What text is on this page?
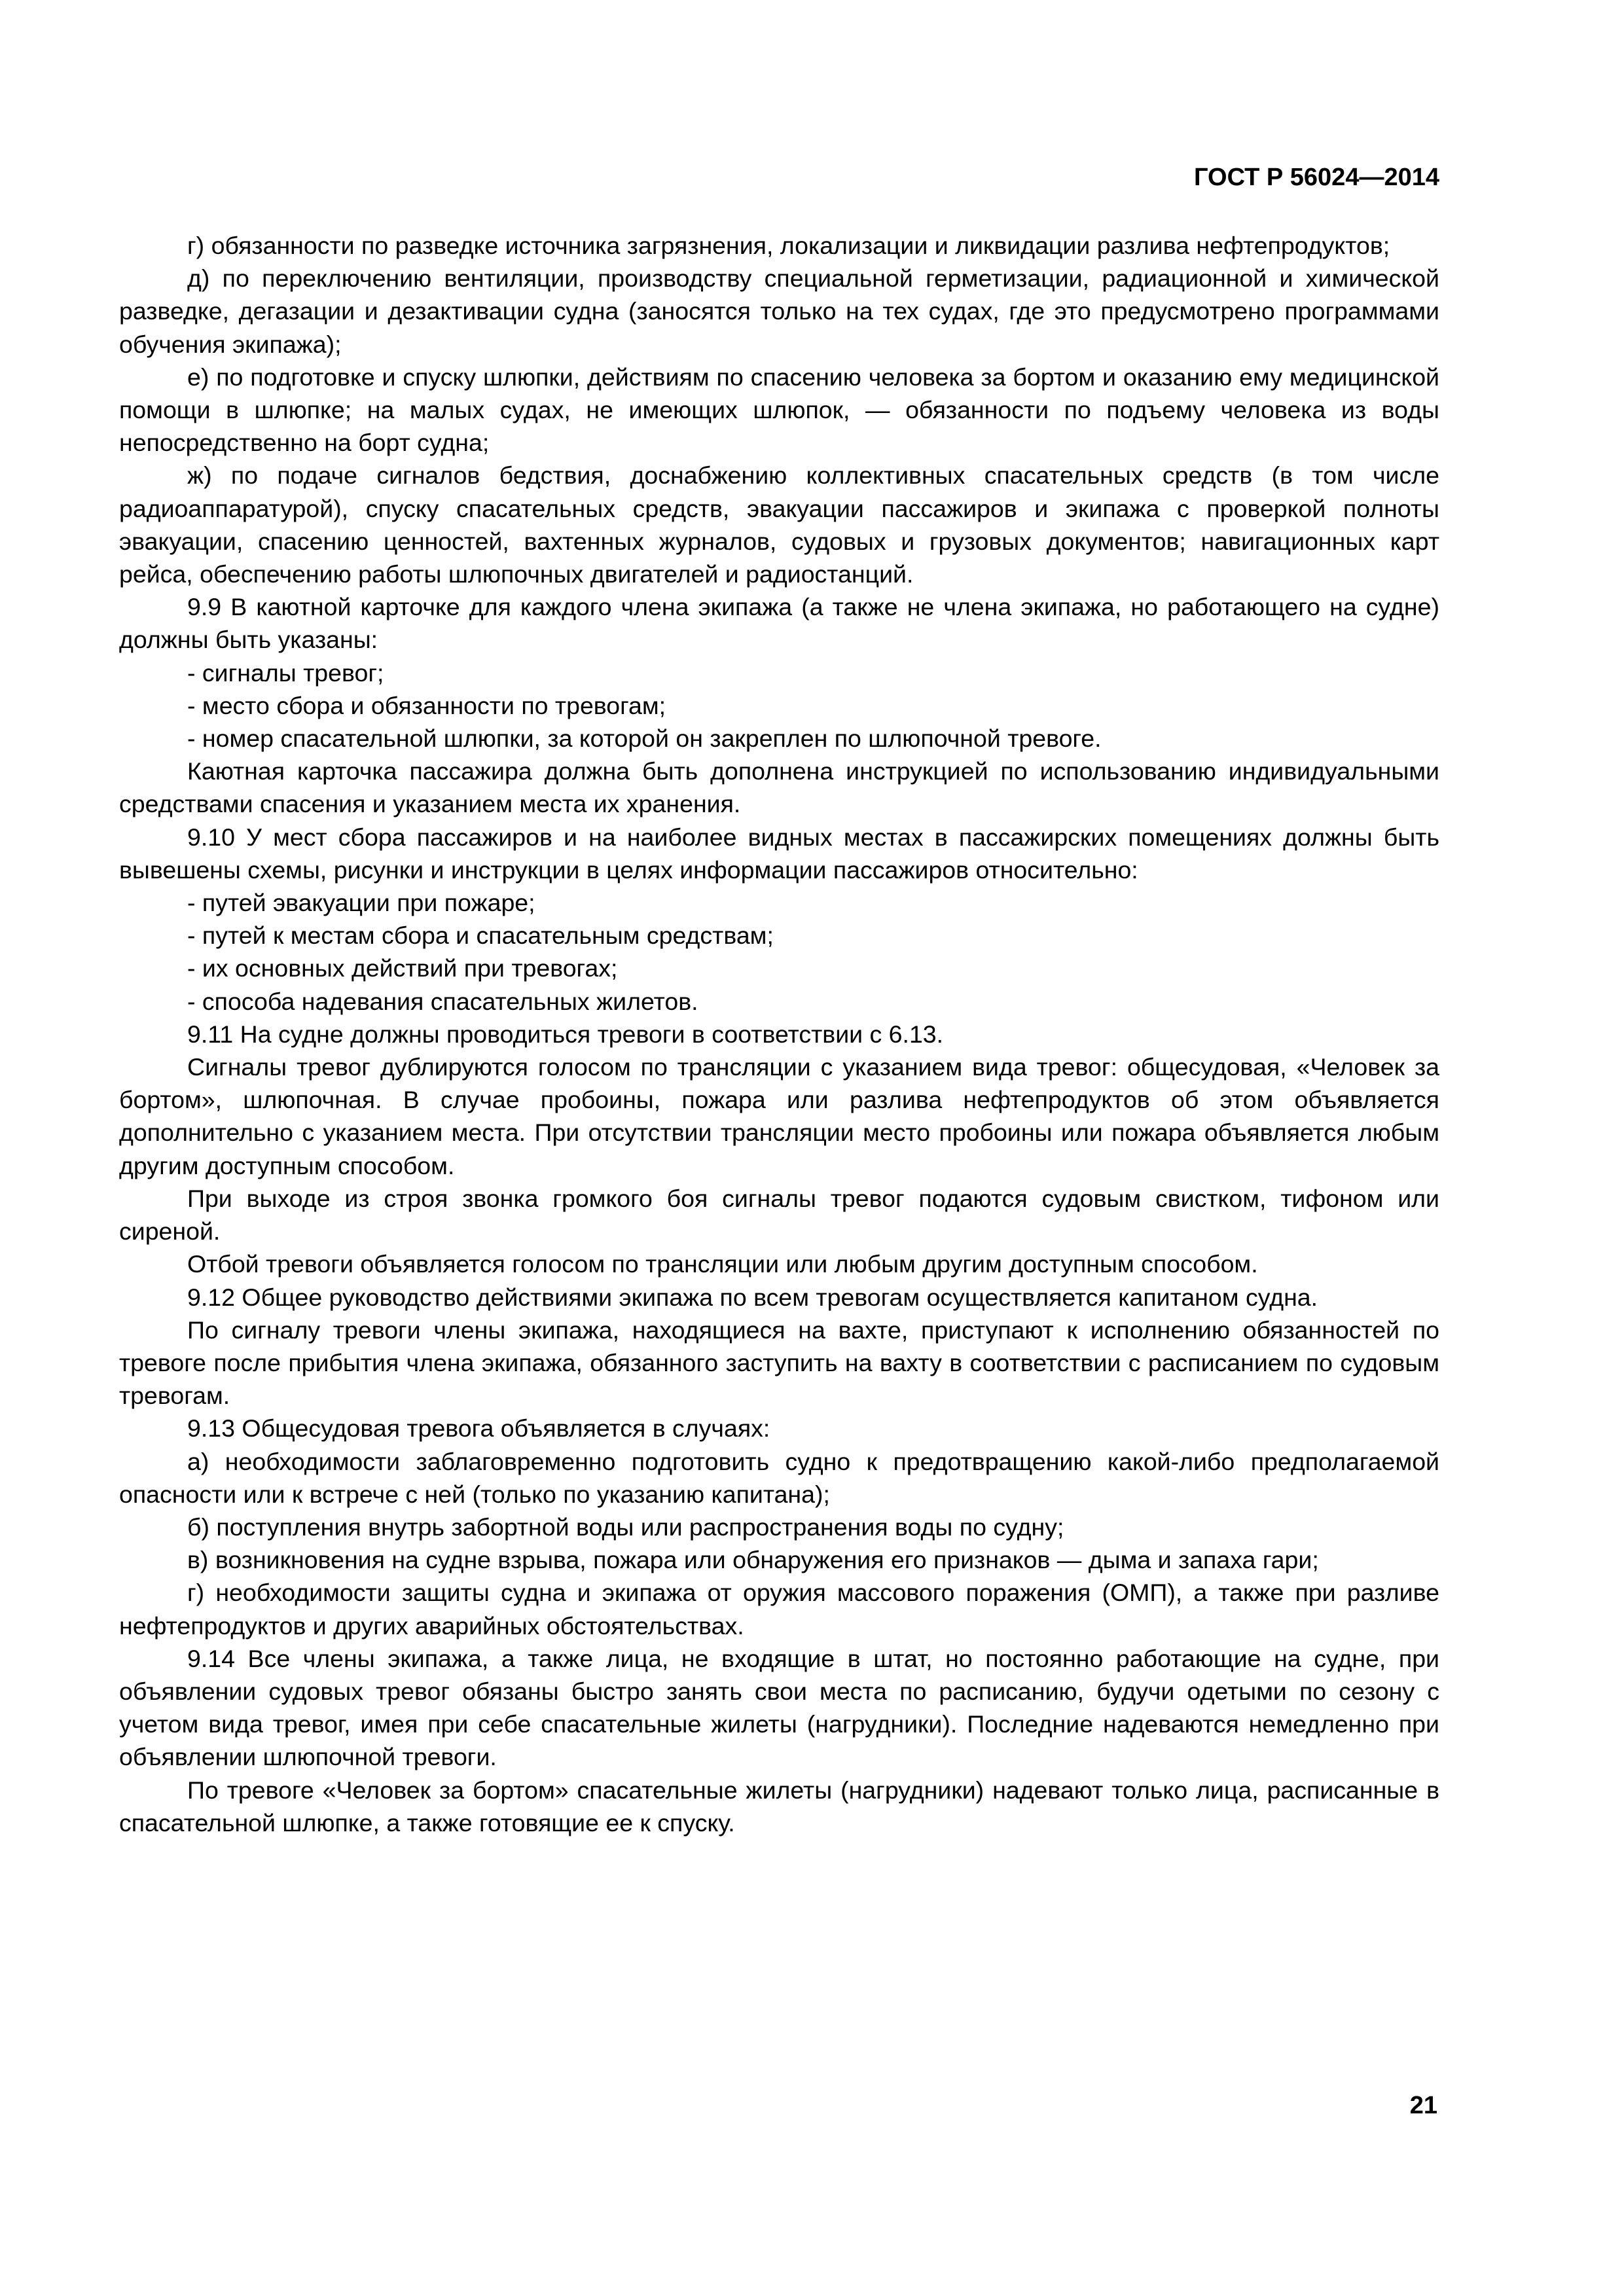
ГОСТ Р 56024—2014

г) обязанности по разведке источника загрязнения, локализации и ликвидации разлива нефтепродуктов;

д) по переключению вентиляции, производству специальной герметизации, радиационной и химической разведке, дегазации и дезактивации судна (заносятся только на тех судах, где это предусмотрено программами обучения экипажа);

е) по подготовке и спуску шлюпки, действиям по спасению человека за бортом и оказанию ему медицинской помощи в шлюпке; на малых судах, не имеющих шлюпок, — обязанности по подъему человека из воды непосредственно на борт судна;

ж) по подаче сигналов бедствия, доснабжению коллективных спасательных средств (в том числе радиоаппаратурой), спуску спасательных средств, эвакуации пассажиров и экипажа с проверкой полноты эвакуации, спасению ценностей, вахтенных журналов, судовых и грузовых документов; навигационных карт рейса, обеспечению работы шлюпочных двигателей и радиостанций.

9.9 В каютной карточке для каждого члена экипажа (а также не члена экипажа, но работающего на судне) должны быть указаны:

- сигналы тревог;

- место сбора и обязанности по тревогам;

- номер спасательной шлюпки, за которой он закреплен по шлюпочной тревоге.

Каютная карточка пассажира должна быть дополнена инструкцией по использованию индивидуальными средствами спасения и указанием места их хранения.

9.10 У мест сбора пассажиров и на наиболее видных местах в пассажирских помещениях должны быть вывешены схемы, рисунки и инструкции в целях информации пассажиров относительно:

- путей эвакуации при пожаре;

- путей к местам сбора и спасательным средствам;

- их основных действий при тревогах;

- способа надевания спасательных жилетов.

9.11 На судне должны проводиться тревоги в соответствии с 6.13.

Сигналы тревог дублируются голосом по трансляции с указанием вида тревог: общесудовая, «Человек за бортом», шлюпочная. В случае пробоины, пожара или разлива нефтепродуктов об этом объявляется дополнительно с указанием места. При отсутствии трансляции место пробоины или пожара объявляется любым другим доступным способом.

При выходе из строя звонка громкого боя сигналы тревог подаются судовым свистком, тифоном или сиреной.

Отбой тревоги объявляется голосом по трансляции или любым другим доступным способом.

9.12 Общее руководство действиями экипажа по всем тревогам осуществляется капитаном судна.

По сигналу тревоги члены экипажа, находящиеся на вахте, приступают к исполнению обязанностей по тревоге после прибытия члена экипажа, обязанного заступить на вахту в соответствии с расписанием по судовым тревогам.

9.13 Общесудовая тревога объявляется в случаях:

а) необходимости заблаговременно подготовить судно к предотвращению какой-либо предполагаемой опасности или к встрече с ней (только по указанию капитана);

б) поступления внутрь забортной воды или распространения воды по судну;

в) возникновения на судне взрыва, пожара или обнаружения его признаков — дыма и запаха гари;

г) необходимости защиты судна и экипажа от оружия массового поражения (ОМП), а также при разливе нефтепродуктов и других аварийных обстоятельствах.

9.14 Все члены экипажа, а также лица, не входящие в штат, но постоянно работающие на судне, при объявлении судовых тревог обязаны быстро занять свои места по расписанию, будучи одетыми по сезону с учетом вида тревог, имея при себе спасательные жилеты (нагрудники). Последние надеваются немедленно при объявлении шлюпочной тревоги.

По тревоге «Человек за бортом» спасательные жилеты (нагрудники) надевают только лица, расписанные в спасательной шлюпке, а также готовящие ее к спуску.

21
